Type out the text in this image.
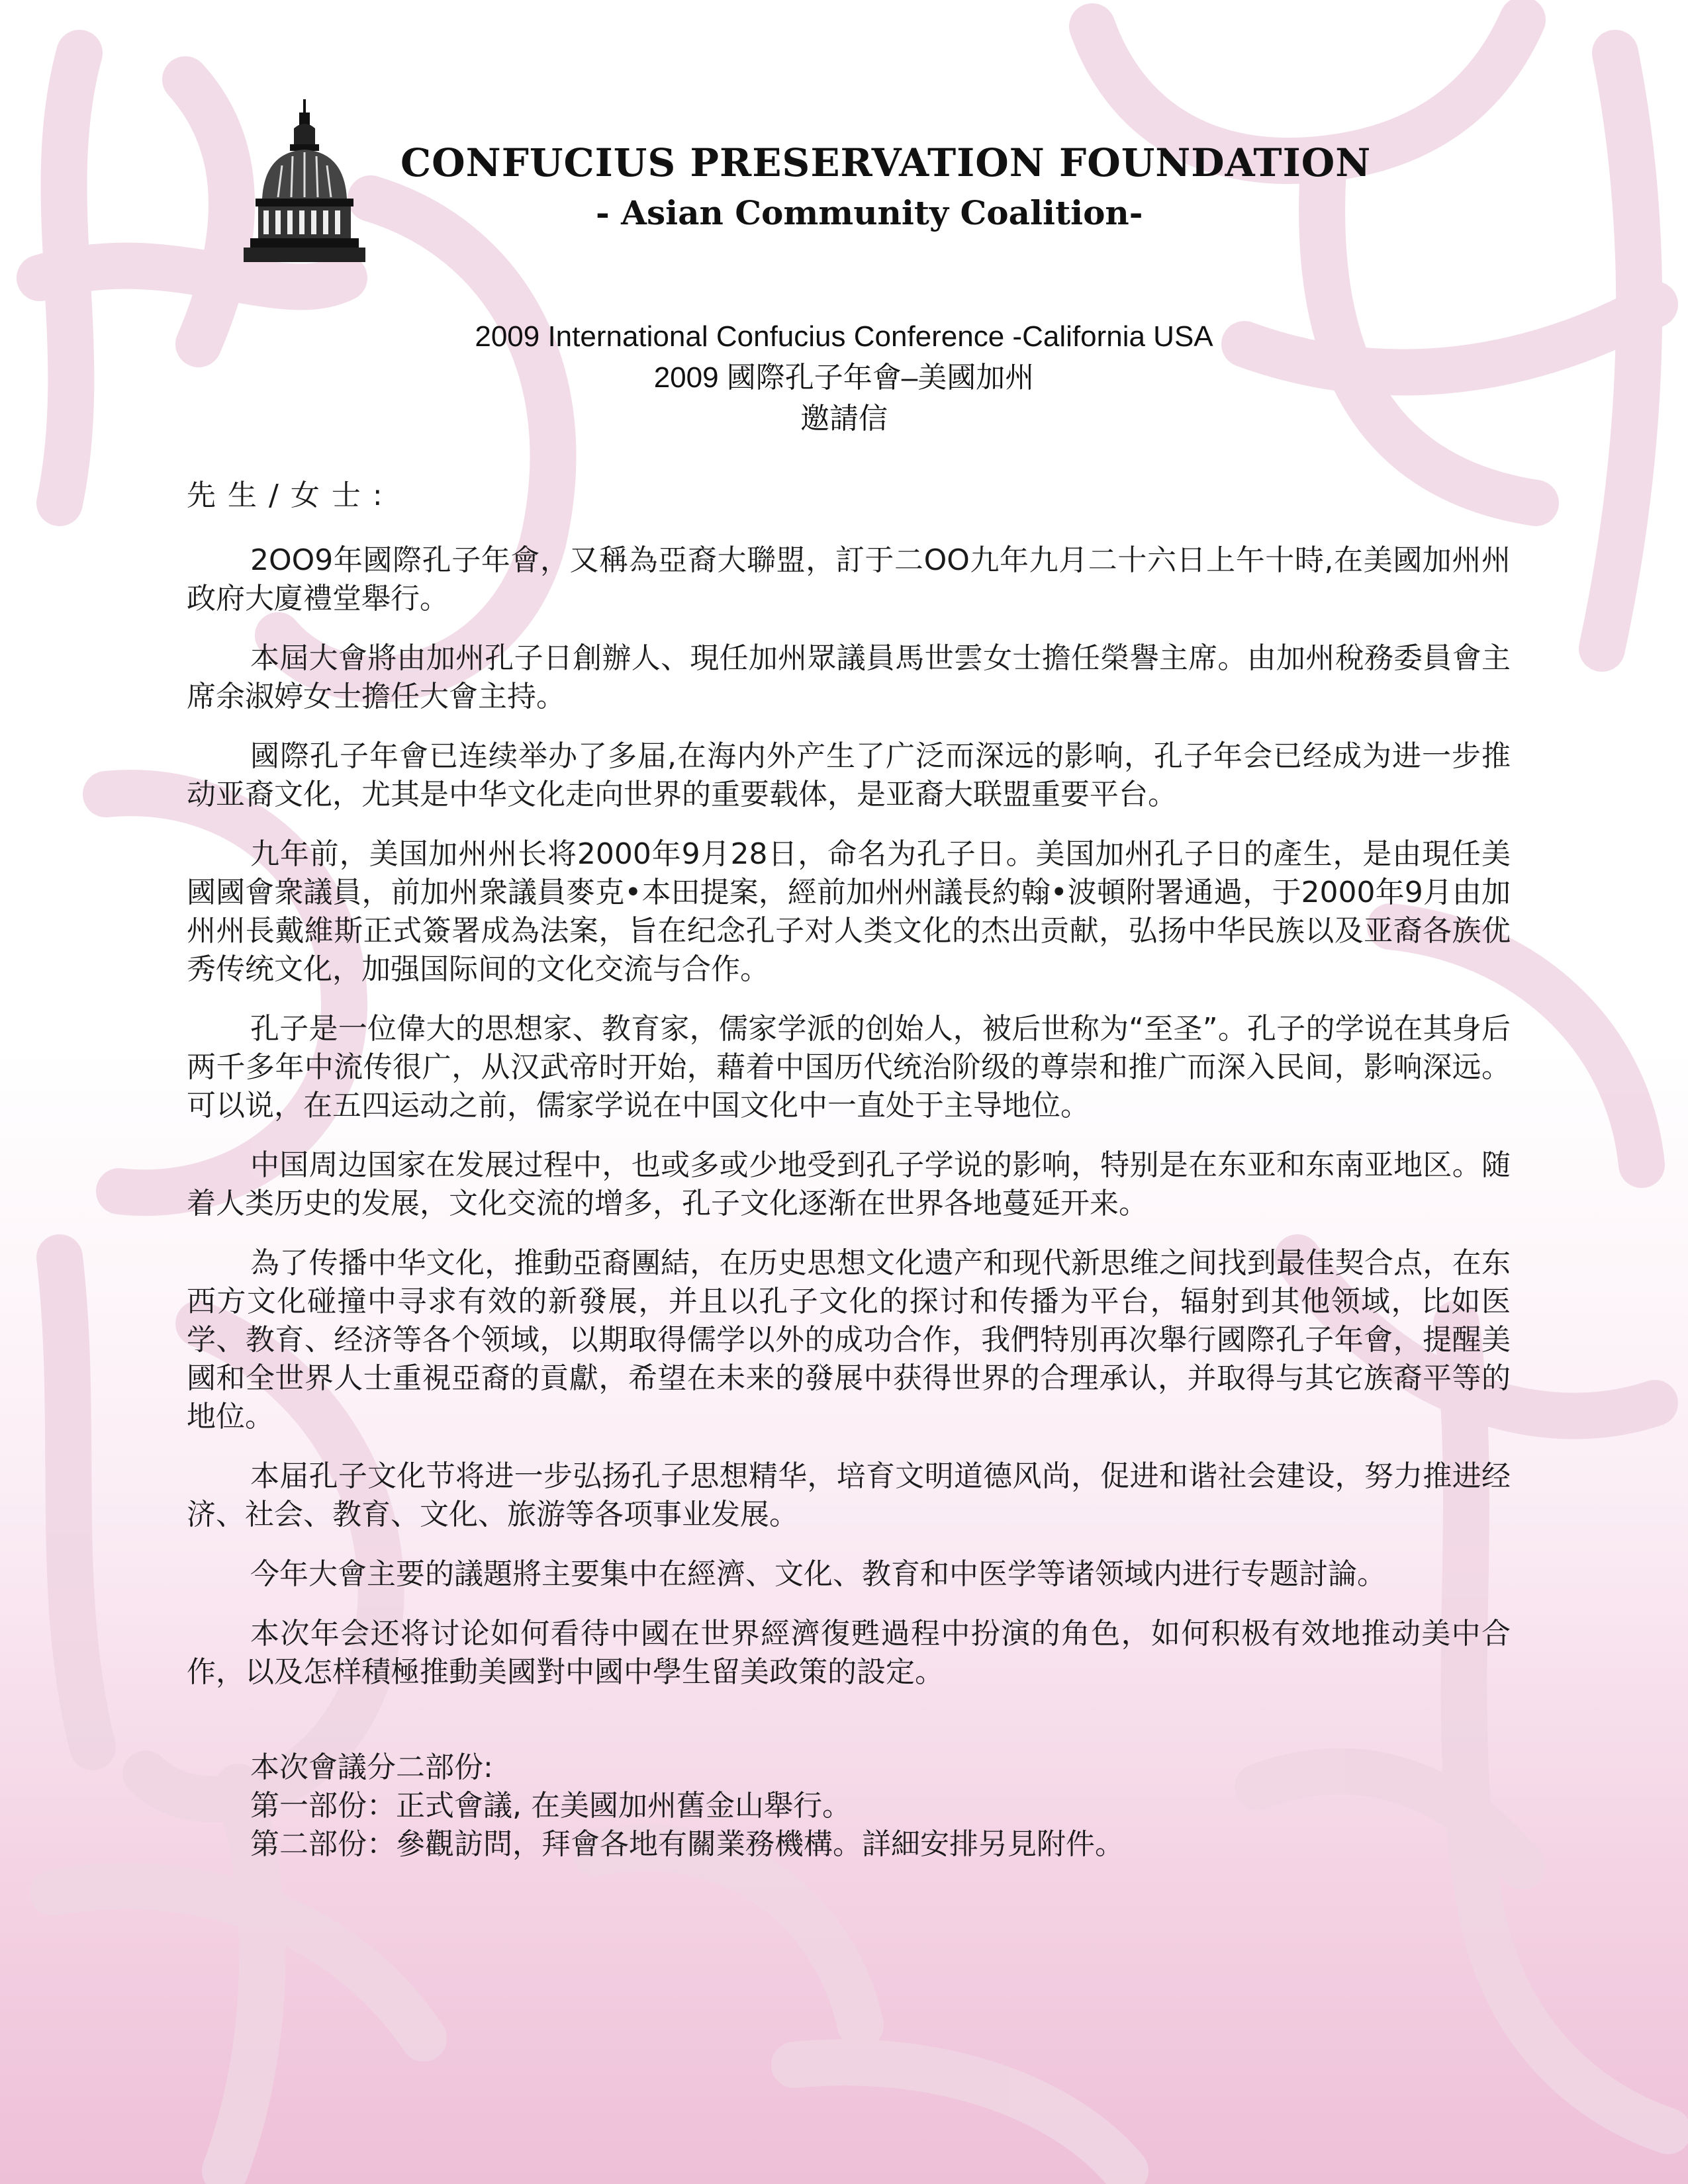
CONFUCIUS PRESERVATION FOUNDATION
- Asian Community Coalition-
2009 International Confucius Conference -California USA
2009 國際孔子年會–美國加州
邀請信
先生/女士:

2OO9年國際孔子年會，又稱為亞裔大聯盟，訂于二OO九年九月二十六日上午十時,在美國加州州政府大廈禮堂舉行。

本屆大會將由加州孔子日創辦人、現任加州眾議員馬世雲女士擔任榮譽主席。由加州稅務委員會主席余淑婷女士擔任大會主持。

國際孔子年會已连续举办了多届,在海内外产生了广泛而深远的影响，孔子年会已经成为进一步推动亚裔文化，尤其是中华文化走向世界的重要载体，是亚裔大联盟重要平台。

九年前，美国加州州长将2000年9月28日，命名为孔子日。美国加州孔子日的產生，是由現任美國國會衆議員，前加州衆議員麥克•本田提案，經前加州州議長約翰•波頓附署通過，于2000年9月由加州州長戴維斯正式簽署成為法案，旨在纪念孔子对人类文化的杰出贡献，弘扬中华民族以及亚裔各族优秀传统文化，加强国际间的文化交流与合作。

孔子是一位偉大的思想家、教育家，儒家学派的创始人，被后世称为“至圣”。孔子的学说在其身后两千多年中流传很广，从汉武帝时开始，藉着中国历代统治阶级的尊崇和推广而深入民间，影响深远。可以说，在五四运动之前，儒家学说在中国文化中一直处于主导地位。

中国周边国家在发展过程中，也或多或少地受到孔子学说的影响，特别是在东亚和东南亚地区。随着人类历史的发展，文化交流的增多，孔子文化逐渐在世界各地蔓延开来。

為了传播中华文化，推動亞裔團結，在历史思想文化遗产和现代新思维之间找到最佳契合点，在东西方文化碰撞中寻求有效的新發展，并且以孔子文化的探讨和传播为平台，辐射到其他领域，比如医学、教育、经济等各个领域，以期取得儒学以外的成功合作，我們特別再次舉行國際孔子年會，提醒美國和全世界人士重視亞裔的貢獻，希望在未来的發展中获得世界的合理承认，并取得与其它族裔平等的地位。

本届孔子文化节将进一步弘扬孔子思想精华，培育文明道德风尚，促进和谐社会建设，努力推进经济、社会、教育、文化、旅游等各项事业发展。

今年大會主要的議題將主要集中在經濟、文化、教育和中医学等诸领域内进行专题討論。

本次年会还将讨论如何看待中國在世界經濟復甦過程中扮演的角色，如何积极有效地推动美中合作，以及怎样積極推動美國對中國中學生留美政策的設定。

本次會議分二部份:
第一部份：正式會議, 在美國加州舊金山舉行。
第二部份：參觀訪問，拜會各地有關業務機構。詳細安排另見附件。
